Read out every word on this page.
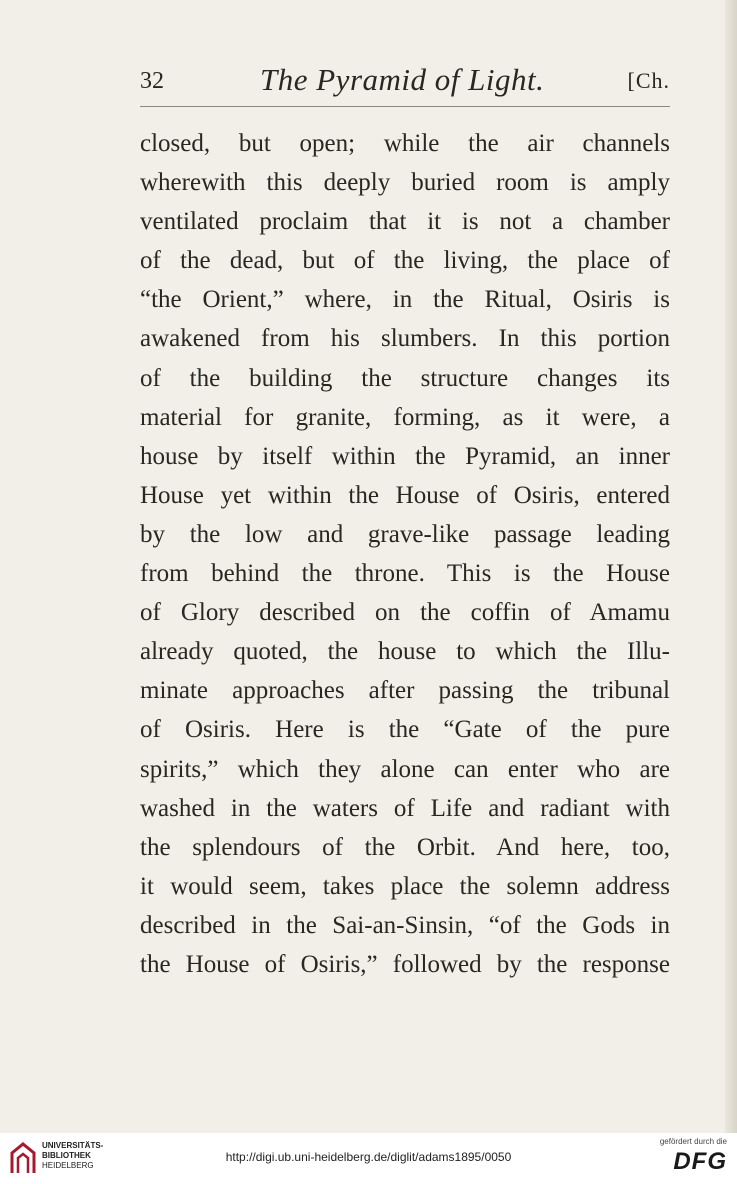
32	The Pyramid of Light.	[Ch.
closed, but open; while the air channels
wherewith this deeply buried room is amply
ventilated proclaim that it is not a chamber
of the dead, but of the living, the place of
“the Orient,” where, in the Ritual, Osiris is
awakened from his slumbers. In this portion
of the building the structure changes its
material for granite, forming, as it were, a
house by itself within the Pyramid, an inner
House yet within the House of Osiris, entered
by the low and grave-like passage leading
from behind the throne. This is the House
of Glory described on the coffin of Amamu
already quoted, the house to which the Illu-
minate approaches after passing the tribunal
of Osiris. Here is the “Gate of the pure
spirits,” which they alone can enter who are
washed in the waters of Life and radiant with
the splendours of the Orbit. And here, too,
it would seem, takes place the solemn address
described in the Sai-an-Sinsin, “of the Gods in
the House of Osiris,” followed by the response
UNIVERSITÄTS-
BIBLIOTHEK
HEIDELBERG
http://digi.ub.uni-heidelberg.de/diglit/adams1895/0050
gefördert durch die
DFG
